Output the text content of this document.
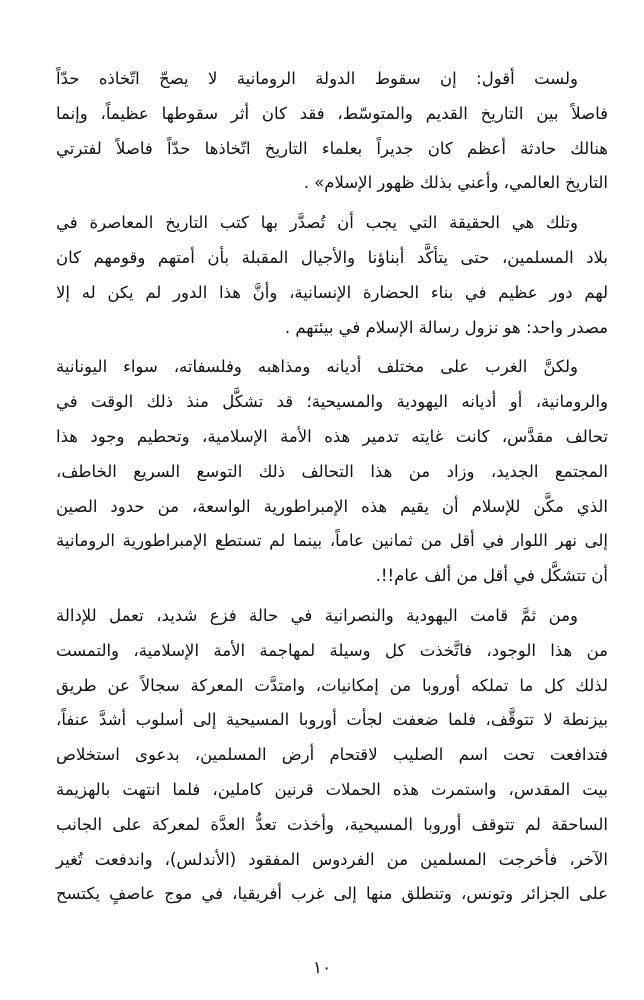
ولست أقول: إن سقوط الدولة الرومانية لا يصحّ اتّخاذه حدّاً
فاصلاً بين التاريخ القديم والمتوسّط، فقد كان أثر سقوطها عظيماً، وإنما
هنالك حادثة أعظم كان جديراً بعلماء التاريخ اتّخاذها حدّاً فاصلاً لفترتي
التاريخ العالمي، وأعني بذلك ظهور الإسلام» .
وتلك هي الحقيقة التي يجب أن تُصدَّر بها كتب التاريخ المعاصرة في
بلاد المسلمين، حتى يتأكَّد أبناؤنا والأجيال المقبلة بأن أمتهم وقومهم كان
لهم دور عظيم في بناء الحضارة الإنسانية، وأنَّ هذا الدور لم يكن له إلا
مصدر واحد: هو نزول رسالة الإسلام في بيئتهم .
ولكنَّ الغرب على مختلف أديانه ومذاهبه وفلسفاته، سواء اليونانية
والرومانية، أو أديانه اليهودية والمسيحية؛ قد تشكَّل منذ ذلك الوقت في
تحالف مقدَّس، كانت غايته تدمير هذه الأمة الإسلامية، وتحطيم وجود هذا
المجتمع الجديد، وزاد من هذا التحالف ذلك التوسع السريع الخاطف،
الذي مكَّن للإسلام أن يقيم هذه الإمبراطورية الواسعة، من حدود الصين
إلى نهر اللوار في أقل من ثمانين عاماً، بينما لم تستطع الإمبراطورية الرومانية
أن تتشكَّل في أقل من ألف عام!!.
ومن ثمَّ قامت اليهودية والنصرانية في حالة فزع شديد، تعمل للإدالة
من هذا الوجود، فاتَّخذت كل وسيلة لمهاجمة الأمة الإسلامية، والتمست
لذلك كل ما تملكه أوروبا من إمكانيات، وامتدَّت المعركة سجالاً عن طريق
بيزنطة لا تتوقَّف، فلما ضعفت لجأت أوروبا المسيحية إلى أسلوب أشدَّ عنفاً،
فتدافعت تحت اسم الصليب لاقتحام أرض المسلمين، بدعوى استخلاص
بيت المقدس، واستمرت هذه الحملات قرنين كاملين، فلما انتهت بالهزيمة
الساحقة لم تتوقف أوروبا المسيحية، وأخذت تعدُّ العدَّة لمعركة على الجانب
الآخر، فأخرجت المسلمين من الفردوس المفقود (الأندلس)، واندفعت تُغير
على الجزائر وتونس، وتنطلق منها إلى غرب أفريقيا، في موج عاصفٍ يكتسح
١٠
